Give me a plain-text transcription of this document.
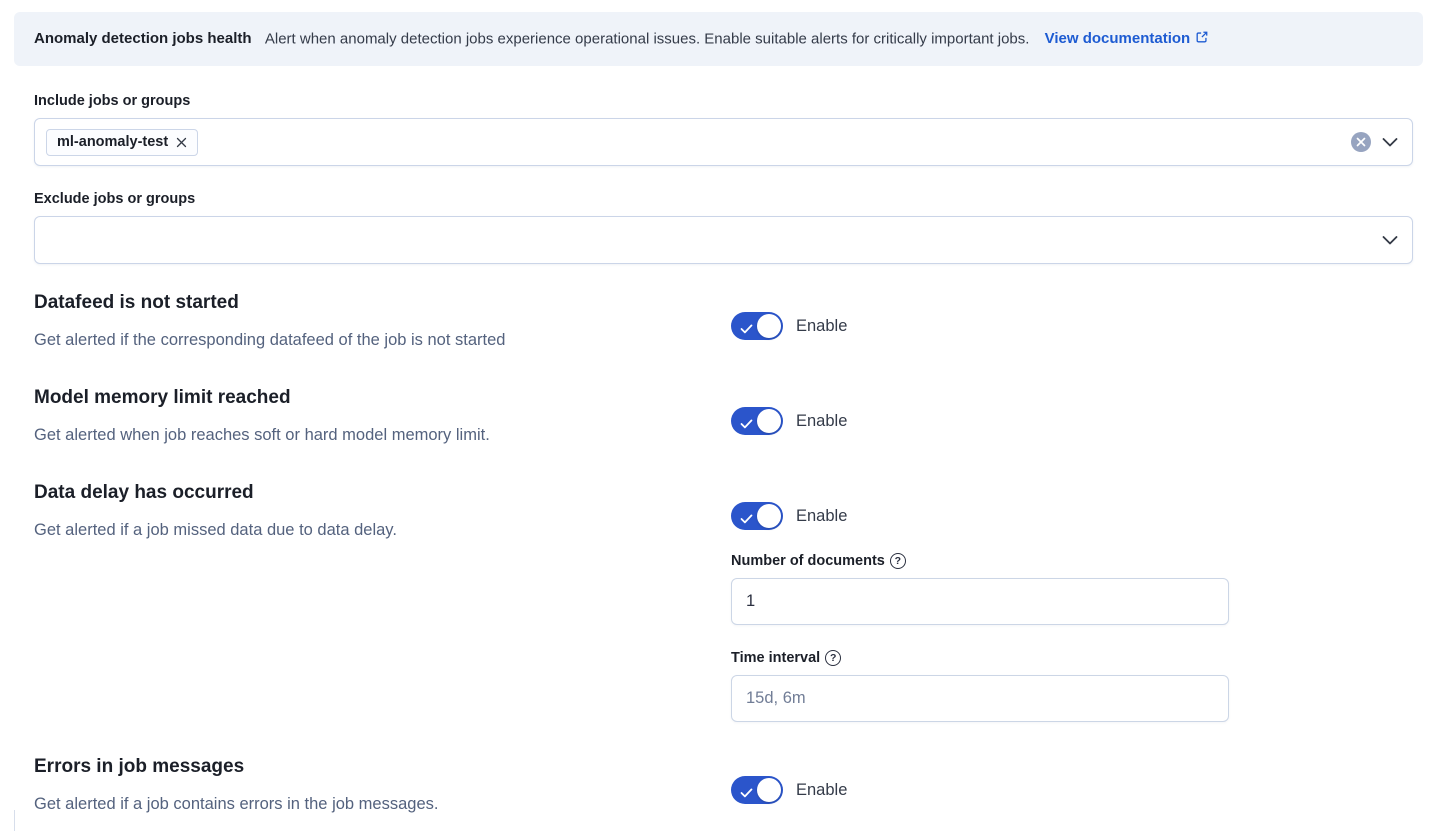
Anomaly detection jobs health Alert when anomaly detection jobs experience operational issues. Enable suitable alerts for critically important jobs. View documentation
Include jobs or groups
ml-anomaly-test
Exclude jobs or groups
Datafeed is not started

Get alerted if the corresponding datafeed of the job is not started

Enable
Model memory limit reached

Get alerted when job reaches soft or hard model memory limit.

Enable
Data delay has occurred

Get alerted if a job missed data due to data delay.

Enable
Number of documents ?
1
Time interval ?
15d, 6m
Errors in job messages

Get alerted if a job contains errors in the job messages.

Enable
